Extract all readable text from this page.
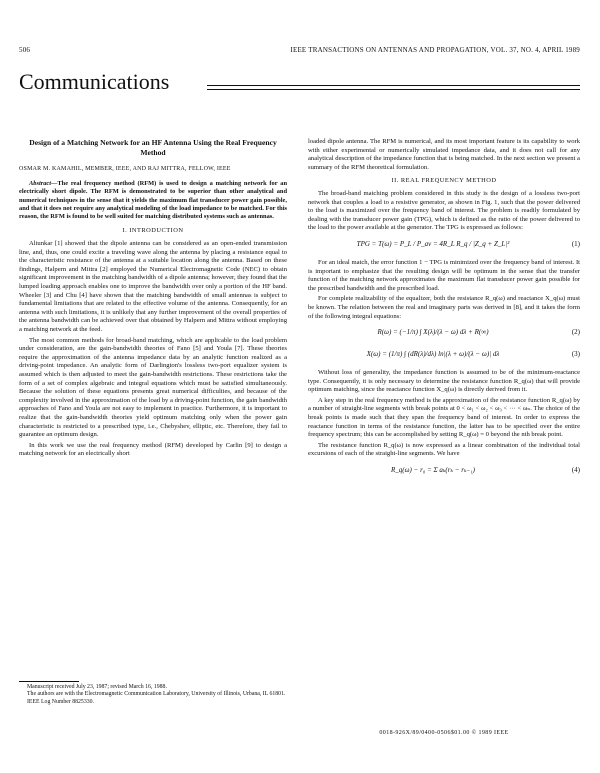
506	IEEE TRANSACTIONS ON ANTENNAS AND PROPAGATION, VOL. 37, NO. 4, APRIL 1989
Communications
Design of a Matching Network for an HF Antenna Using the Real Frequency Method
OSMAR M. KAMAHIL, MEMBER, IEEE, AND RAJ MITTRA, FELLOW, IEEE
Abstract—The real frequency method (RFM) is used to design a matching network for an electrically short dipole. The RFM is demonstrated to be superior than other analytical and numerical techniques in the sense that it yields the maximum flat transducer power gain possible, and that it does not require any analytical modeling of the load impedance to be matched. For this reason, the RFM is found to be well suited for matching distributed systems such as antennas.
I. INTRODUCTION

Altunkar [1] showed that the dipole antenna can be considered as an open-ended transmission line, and, thus, one could excite a traveling wave along the antenna by placing a resistance equal to the characteristic resistance of the antenna at a suitable location along the antenna. Based on these findings, Halpern and Mittra [2] employed the Numerical Electromagnetic Code (NEC) to obtain significant improvement in the matching bandwidth of a dipole antenna; however, they found that the lumped loading approach enables one to improve the bandwidth over only a portion of the HF band. Wheeler [3] and Chu [4] have shown that the matching bandwidth of small antennas is subject to fundamental limitations that are related to the effective volume of the antenna. Consequently, for an antenna with such limitations, it is unlikely that any further improvement of the overall properties of the antenna bandwidth can be achieved over that obtained by Halpern and Mittra without employing a matching network at the feed.

The most common methods for broad-band matching, which are applicable to the load problem under consideration, are the gain-bandwidth theories of Fano [5] and Youla [7]. These theories require the approximation of the antenna impedance data by an analytic function realized as a driving-point impedance. An analytic form of Darlington's lossless two-port equalizer system is assumed which is then adjusted to meet the gain-bandwidth restrictions. These restrictions take the form of a set of complex algebraic and integral equations which must be satisfied simultaneously. Because the solution of these equations presents great numerical difficulties, and because of the complexity involved in the approximation of the load by a driving-point function, the gain bandwidth approaches of Fano and Youla are not easy to implement in practice. Furthermore, it is important to realize that the gain-bandwidth theories yield optimum matching only when the power gain characteristic is restricted to a prescribed type, i.e., Chebyshev, elliptic, etc. Therefore, they fail to guarantee an optimum design.

In this work we use the real frequency method (RFM) developed by Carlin [9] to design a matching network for an electrically short

Manuscript received July 23, 1987; revised March 16, 1988.
The authors are with the Electromagnetic Communication Laboratory, University of Illinois, Urbana, IL 61801.
IEEE Log Number 8825330.

loaded dipole antenna. The RFM is numerical, and its most important feature is its capability to work with either experimental or numerically simulated impedance data, and it does not call for any analytical description of the impedance function that is being matched. In the next section we present a summary of the RFM theoretical formulation.

II. REAL FREQUENCY METHOD

The broad-band matching problem considered in this study is the design of a lossless two-port network that couples a load to a resistive generator, as shown in Fig. 1, such that the power delivered to the load is maximized over the frequency band of interest. The problem is readily formulated by dealing with the transducer power gain (TPG), which is defined as the ratio of the power delivered to the load to the power available at the generator. The TPG is expressed as follows:

TPG = T(ω) = P_L / P_av = 4R_L R_q / |Z_q + Z_L|²	(1)

For an ideal match, the error function 1 − TPG is minimized over the frequency band of interest. It is important to emphasize that the resulting design will be optimum in the sense that the transfer function of the matching network approximates the maximum flat transducer power gain possible for the prescribed bandwidth and the prescribed load.

For complete realizability of the equalizer, both the resistance R_q(ω) and reactance X_q(ω) must be known. The relation between the real and imaginary parts was derived in [8], and it takes the form of the following integral equations:

R(ω) = (−1/π) ∫ X(λ)/(λ − ω) dλ + R(∞)	(2)
X(ω) = (1/π) ∫ (dR(λ)/dλ) ln|(λ + ω)/(λ − ω)| dλ	(3)

Without loss of generality, the impedance function is assumed to be of the minimum-reactance type. Consequently, it is only necessary to determine the resistance function R_q(ω) that will provide optimum matching, since the reactance function X_q(ω) is directly derived from it.

A key step in the real frequency method is the approximation of the resistance function R_q(ω) by a number of straight-line segments with break points at 0 < ω₁ < ω₂ < ω₃ < ··· < ωₙ. The choice of the break points is made such that they span the frequency band of interest. In order to express the reactance function in terms of the resistance function, the latter has to be specified over the entire frequency spectrum; this can be accomplished by setting R_q(ω) = 0 beyond the nth break point.

The resistance function R_q(ω) is now expressed as a linear combination of the individual total excursions of each of the straight-line segments. We have

R_q(ω) − r₀ = Σ aₖ(rₖ − rₖ₋₁)	(4)
0018-926X/89/0400-0506$01.00 © 1989 IEEE
